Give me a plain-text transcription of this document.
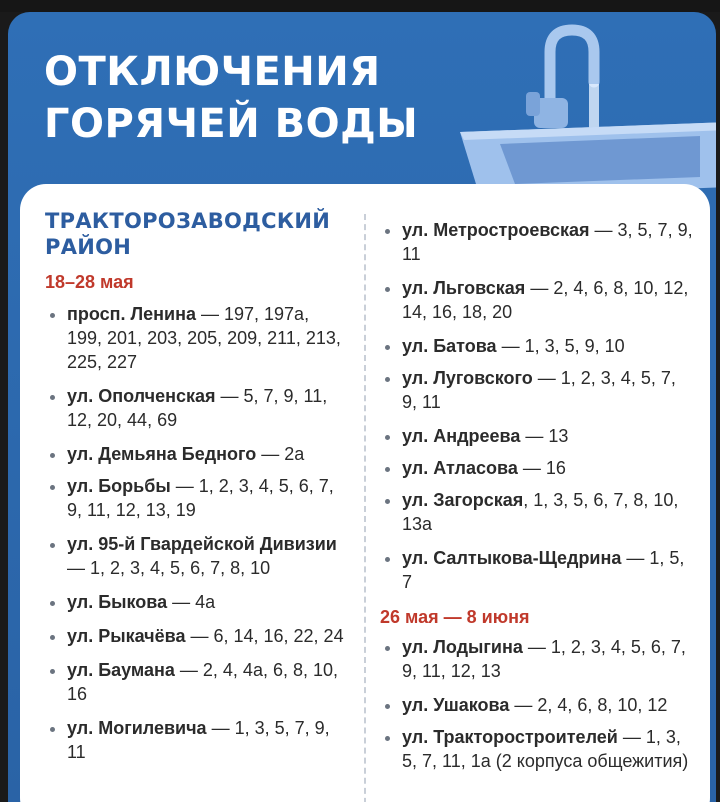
ОТКЛЮЧЕНИЯ
ГОРЯЧЕЙ ВОДЫ
ТРАКТОРОЗАВОДСКИЙ РАЙОН
18–28 мая
просп. Ленина — 197, 197а, 199, 201, 203, 205, 209, 211, 213, 225, 227
ул. Ополченская — 5, 7, 9, 11, 12, 20, 44, 69
ул. Демьяна Бедного — 2а
ул. Борьбы — 1, 2, 3, 4, 5, 6, 7, 9, 11, 12, 13, 19
ул. 95-й Гвардейской Дивизии — 1, 2, 3, 4, 5, 6, 7, 8, 10
ул. Быкова — 4а
ул. Рыкачёва — 6, 14, 16, 22, 24
ул. Баумана — 2, 4, 4а, 6, 8, 10, 16
ул. Могилевича — 1, 3, 5, 7, 9, 11
ул. Метростроевская — 3, 5, 7, 9, 11
ул. Льговская — 2, 4, 6, 8, 10, 12, 14, 16, 18, 20
ул. Батова — 1, 3, 5, 9, 10
ул. Луговского — 1, 2, 3, 4, 5, 7, 9, 11
ул. Андреева — 13
ул. Атласова — 16
ул. Загорская, 1, 3, 5, 6, 7, 8, 10, 13а
ул. Салтыкова-Щедрина — 1, 5, 7
26 мая — 8 июня
ул. Лодыгина — 1, 2, 3, 4, 5, 6, 7, 9, 11, 12, 13
ул. Ушакова — 2, 4, 6, 8, 10, 12
ул. Тракторостроителей — 1, 3, 5, 7, 11, 1а (2 корпуса общежития)
